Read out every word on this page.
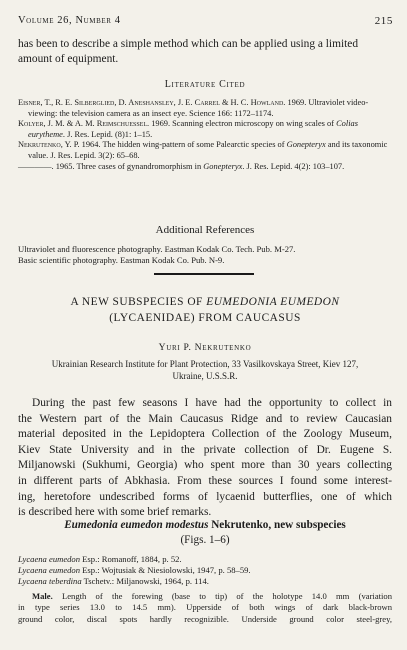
Volume 26, Number 4	215

has been to describe a simple method which can be applied using a limited amount of equipment.

Literature Cited

Eisner, T., R. E. Silberglied, D. Aneshansley, J. E. Carrel & H. C. Howland. 1969. Ultraviolet video-viewing: the television camera as an insect eye. Science 166: 1172–1174.

Kolyer, J. M. & A. M. Reimschuessel. 1969. Scanning electron microscopy on wing scales of Colias eurytheme. J. Res. Lepid. (8)1: 1–15.

Nekrutenko, Y. P. 1964. The hidden wing-pattern of some Palearctic species of Gonepteryx and its taxonomic value. J. Res. Lepid. 3(2): 65–68.

————. 1965. Three cases of gynandromorphism in Gonepteryx. J. Res. Lepid. 4(2): 103–107.

Additional References

Ultraviolet and fluorescence photography. Eastman Kodak Co. Tech. Pub. M-27.

Basic scientific photography. Eastman Kodak Co. Pub. N-9.

A NEW SUBSPECIES OF EUMEDONIA EUMEDON
(LYCAENIDAE) FROM CAUCASUS
Yuri P. Nekrutenko
Ukrainian Research Institute for Plant Protection, 33 Vasilkovskaya Street, Kiev 127,
Ukraine, U.S.S.R.
During the past few seasons I have had the opportunity to collect in
the Western part of the Main Caucasus Ridge and to review Caucasian
material deposited in the Lepidoptera Collection of the Zoology Museum,
Kiev State University and in the private collection of Dr. Eugene S.
Miljanowski (Sukhumi, Georgia) who spent more than 30 years collecting
in different parts of Abkhasia. From these sources I found some interest-
ing, heretofore undescribed forms of lycaenid butterflies, one of which
is described here with some brief remarks.
Eumedonia eumedon modestus Nekrutenko, new subspecies
(Figs. 1–6)

Lycaena eumedon Esp.: Romanoff, 1884, p. 52.

Lycaena eumedon Esp.: Wojtusiak & Niesiolowski, 1947, p. 58–59.

Lycaena teberdina Tschetv.: Miljanowski, 1964, p. 114.

Male. Length of the forewing (base to tip) of the holotype 14.0 mm (variation
in type series 13.0 to 14.5 mm). Upperside of both wings of dark black-brown
ground color, discal spots hardly recognizible. Underside ground color steel-grey,
